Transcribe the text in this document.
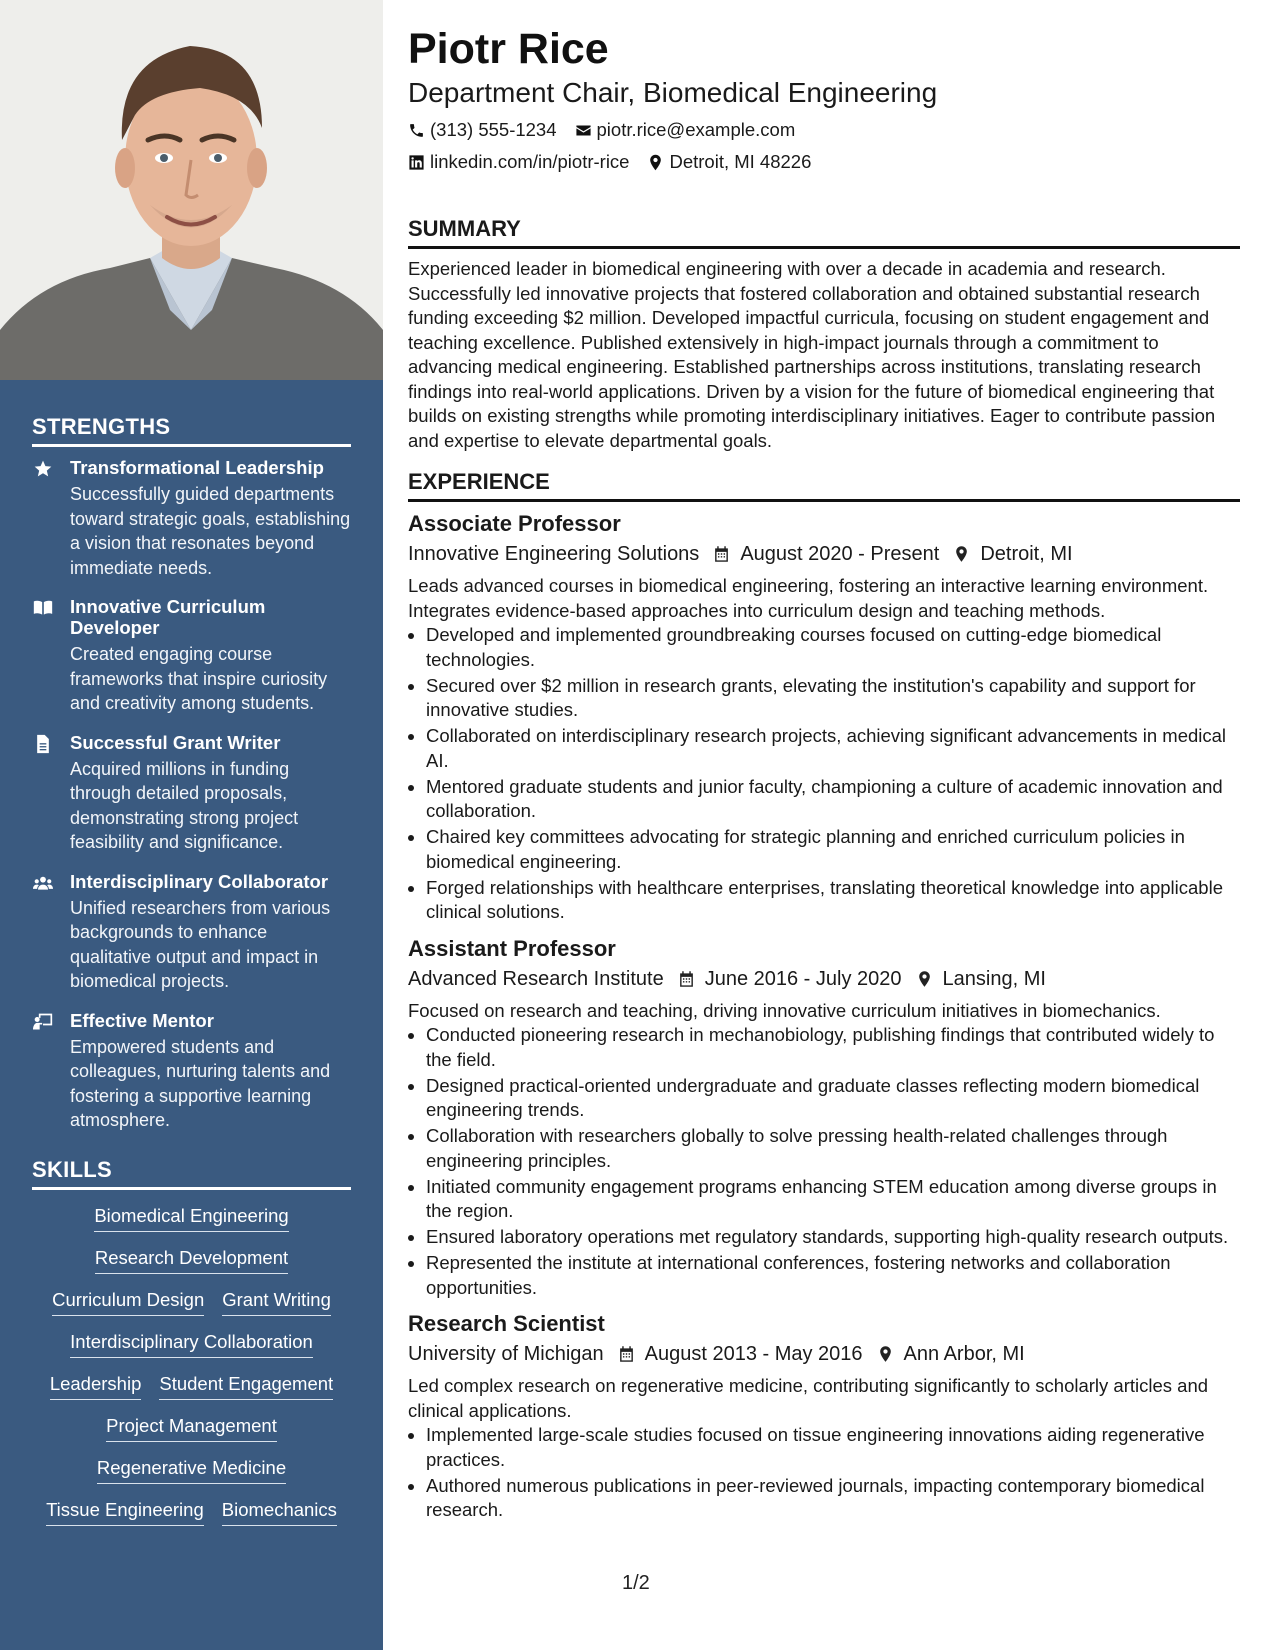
STRENGTHS
Transformational Leadership
Successfully guided departments toward strategic goals, establishing a vision that resonates beyond immediate needs.
Innovative Curriculum Developer
Created engaging course frameworks that inspire curiosity and creativity among students.
Successful Grant Writer
Acquired millions in funding through detailed proposals, demonstrating strong project feasibility and significance.
Interdisciplinary Collaborator
Unified researchers from various backgrounds to enhance qualitative output and impact in biomedical projects.
Effective Mentor
Empowered students and colleagues, nurturing talents and fostering a supportive learning atmosphere.
SKILLS
Biomedical Engineering
Research Development
Curriculum Design Grant Writing
Interdisciplinary Collaboration
Leadership Student Engagement
Project Management
Regenerative Medicine
Tissue Engineering Biomechanics
Piotr Rice
Department Chair, Biomedical Engineering
(313) 555-1234 piotr.rice@example.com
linkedin.com/in/piotr-rice Detroit, MI 48226
SUMMARY
Experienced leader in biomedical engineering with over a decade in academia and research. Successfully led innovative projects that fostered collaboration and obtained substantial research funding exceeding $2 million. Developed impactful curricula, focusing on student engagement and teaching excellence. Published extensively in high-impact journals through a commitment to advancing medical engineering. Established partnerships across institutions, translating research findings into real-world applications. Driven by a vision for the future of biomedical engineering that builds on existing strengths while promoting interdisciplinary initiatives. Eager to contribute passion and expertise to elevate departmental goals.
EXPERIENCE
Associate Professor
Innovative Engineering Solutions August 2020 - Present Detroit, MI
Leads advanced courses in biomedical engineering, fostering an interactive learning environment. Integrates evidence-based approaches into curriculum design and teaching methods.
• Developed and implemented groundbreaking courses focused on cutting-edge biomedical technologies.
• Secured over $2 million in research grants, elevating the institution's capability and support for innovative studies.
• Collaborated on interdisciplinary research projects, achieving significant advancements in medical AI.
• Mentored graduate students and junior faculty, championing a culture of academic innovation and collaboration.
• Chaired key committees advocating for strategic planning and enriched curriculum policies in biomedical engineering.
• Forged relationships with healthcare enterprises, translating theoretical knowledge into applicable clinical solutions.
Assistant Professor
Advanced Research Institute June 2016 - July 2020 Lansing, MI
Focused on research and teaching, driving innovative curriculum initiatives in biomechanics.
• Conducted pioneering research in mechanobiology, publishing findings that contributed widely to the field.
• Designed practical-oriented undergraduate and graduate classes reflecting modern biomedical engineering trends.
• Collaboration with researchers globally to solve pressing health-related challenges through engineering principles.
• Initiated community engagement programs enhancing STEM education among diverse groups in the region.
• Ensured laboratory operations met regulatory standards, supporting high-quality research outputs.
• Represented the institute at international conferences, fostering networks and collaboration opportunities.
Research Scientist
University of Michigan August 2013 - May 2016 Ann Arbor, MI
Led complex research on regenerative medicine, contributing significantly to scholarly articles and clinical applications.
• Implemented large-scale studies focused on tissue engineering innovations aiding regenerative practices.
• Authored numerous publications in peer-reviewed journals, impacting contemporary biomedical research.
1/2
